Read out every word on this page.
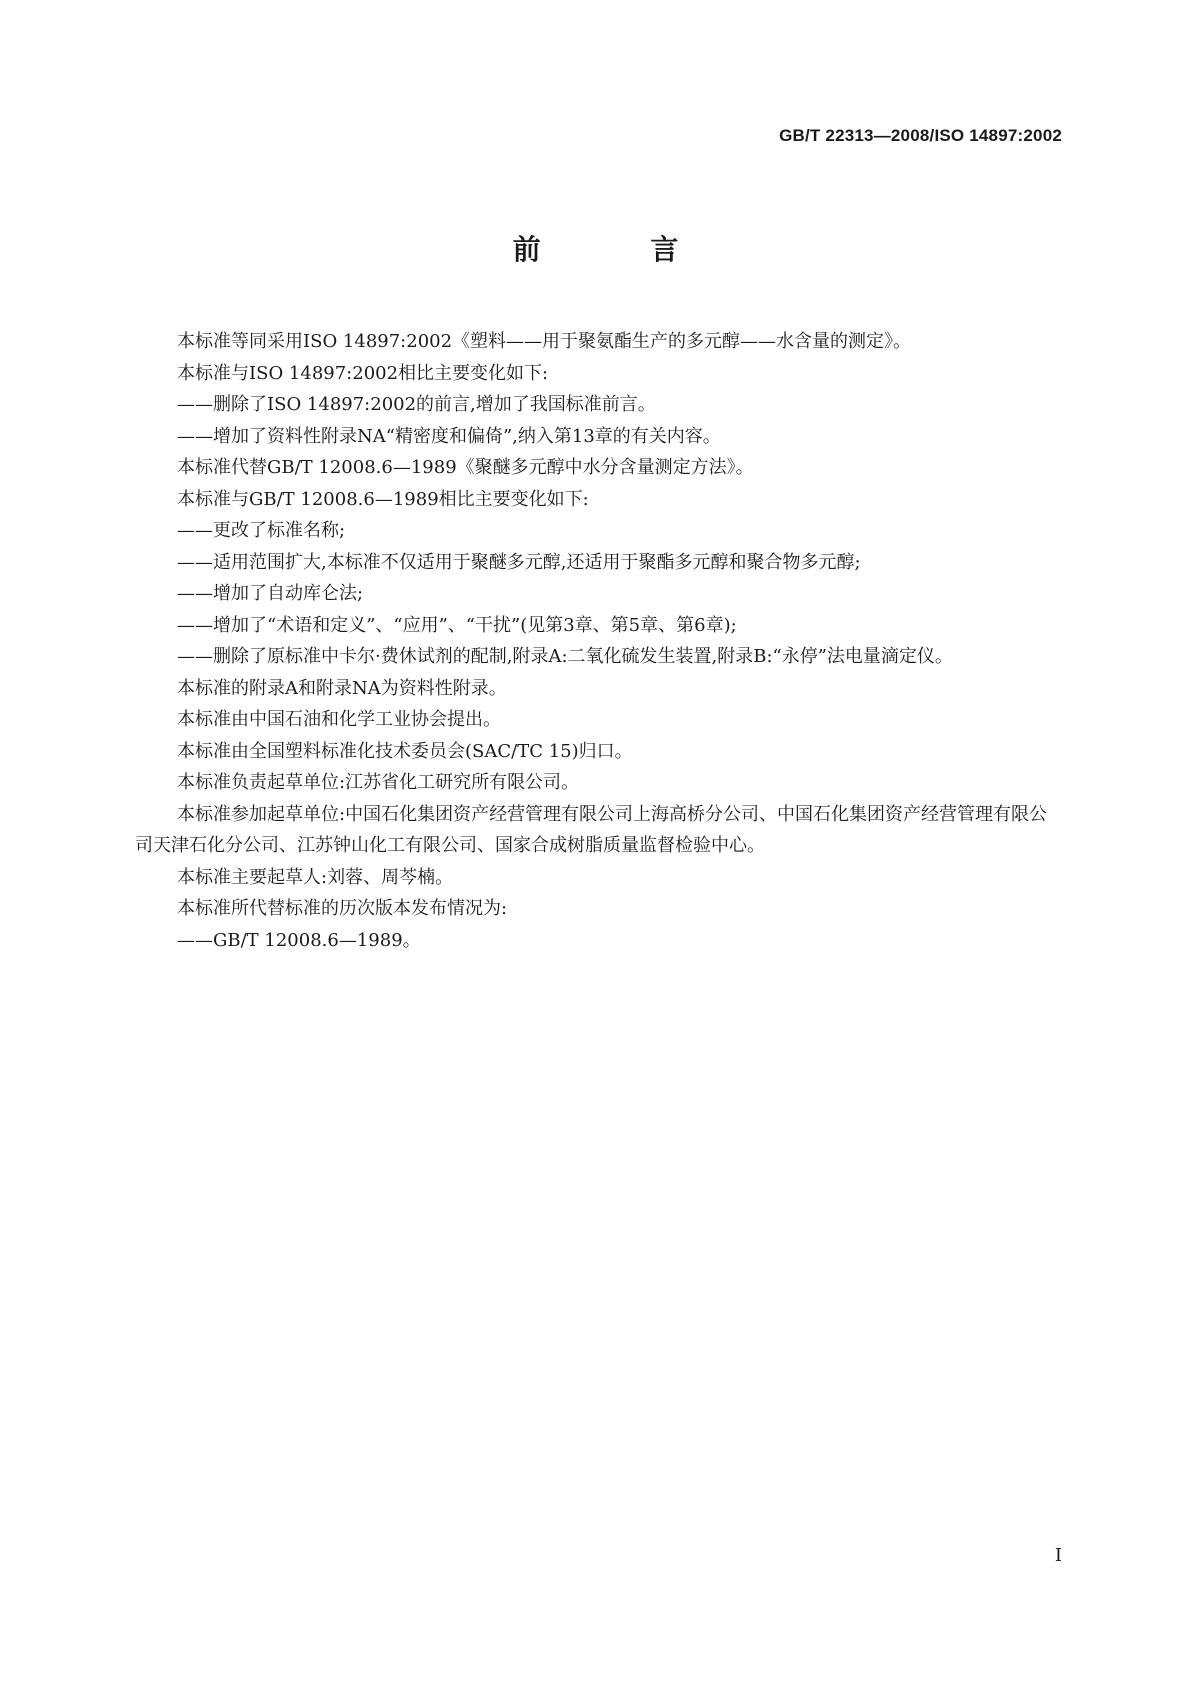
GB/T 22313—2008/ISO 14897:2002
前 言

本标准等同采用ISO 14897:2002《塑料——用于聚氨酯生产的多元醇——水含量的测定》。

本标准与ISO 14897:2002相比主要变化如下:

——删除了ISO 14897:2002的前言,增加了我国标准前言。

——增加了资料性附录NA“精密度和偏倚”,纳入第13章的有关内容。

本标准代替GB/T 12008.6—1989《聚醚多元醇中水分含量测定方法》。

本标准与GB/T 12008.6—1989相比主要变化如下:

——更改了标准名称;

——适用范围扩大,本标准不仅适用于聚醚多元醇,还适用于聚酯多元醇和聚合物多元醇;

——增加了自动库仑法;

——增加了“术语和定义”、“应用”、“干扰”(见第3章、第5章、第6章);

——删除了原标准中卡尔·费休试剂的配制,附录A:二氧化硫发生装置,附录B:“永停”法电量滴定仪。

本标准的附录A和附录NA为资料性附录。

本标准由中国石油和化学工业协会提出。

本标准由全国塑料标准化技术委员会(SAC/TC 15)归口。

本标准负责起草单位:江苏省化工研究所有限公司。

本标准参加起草单位:中国石化集团资产经营管理有限公司上海高桥分公司、中国石化集团资产经营管理有限公司天津石化分公司、江苏钟山化工有限公司、国家合成树脂质量监督检验中心。

本标准主要起草人:刘蓉、周芩楠。

本标准所代替标准的历次版本发布情况为:

——GB/T 12008.6—1989。

I
